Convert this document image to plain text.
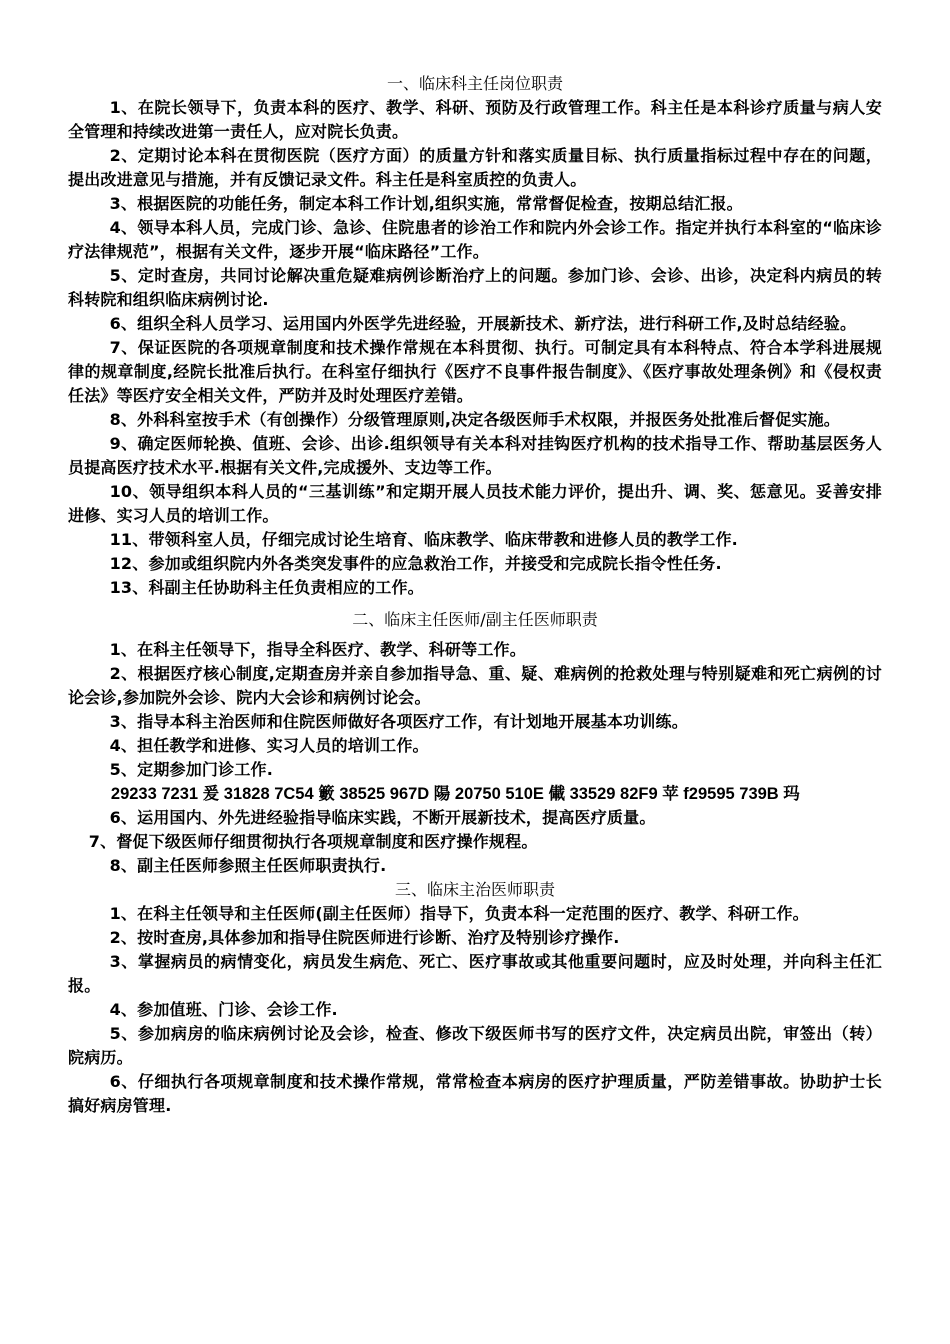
一、临床科主任岗位职责

1、在院长领导下，负责本科的医疗、教学、科研、预防及行政管理工作。科主任是本科诊疗质量与病人安全管理和持续改进第一责任人，应对院长负责。

2、定期讨论本科在贯彻医院（医疗方面）的质量方针和落实质量目标、执行质量指标过程中存在的问题，提出改进意见与措施，并有反馈记录文件。科主任是科室质控的负责人。

3、根据医院的功能任务，制定本科工作计划,组织实施，常常督促检查，按期总结汇报。

4、领导本科人员，完成门诊、急诊、住院患者的诊治工作和院内外会诊工作。指定并执行本科室的“临床诊疗法律规范”，根据有关文件，逐步开展“临床路径”工作。

5、定时查房，共同讨论解决重危疑难病例诊断治疗上的问题。参加门诊、会诊、出诊，决定科内病员的转科转院和组织临床病例讨论.

6、组织全科人员学习、运用国内外医学先进经验，开展新技术、新疗法，进行科研工作,及时总结经验。

7、保证医院的各项规章制度和技术操作常规在本科贯彻、执行。可制定具有本科特点、符合本学科进展规律的规章制度,经院长批准后执行。在科室仔细执行《医疗不良事件报告制度》、《医疗事故处理条例》和《侵权责任法》等医疗安全相关文件，严防并及时处理医疗差错。

8、外科科室按手术（有创操作）分级管理原则,决定各级医师手术权限，并报医务处批准后督促实施。

9、确定医师轮换、值班、会诊、出诊.组织领导有关本科对挂钩医疗机构的技术指导工作、帮助基层医务人员提高医疗技术水平.根据有关文件,完成援外、支边等工作。

10、领导组织本科人员的“三基训练”和定期开展人员技术能力评价，提出升、调、奖、惩意见。妥善安排进修、实习人员的培训工作。

11、带领科室人员，仔细完成讨论生培育、临床教学、临床带教和进修人员的教学工作.

12、参加或组织院内外各类突发事件的应急救治工作，并接受和完成院长指令性任务.

13、科副主任协助科主任负责相应的工作。

二、临床主任医师/副主任医师职责

1、在科主任领导下，指导全科医疗、教学、科研等工作。

2、根据医疗核心制度,定期查房并亲自参加指导急、重、疑、难病例的抢救处理与特别疑难和死亡病例的讨论会诊,参加院外会诊、院内大会诊和病例讨论会。

3、指导本科主治医师和住院医师做好各项医疗工作，有计划地开展基本功训练。

4、担任教学和进修、实习人员的培训工作。

5、定期参加门诊工作.

29233 7231 爰 31828 7C54 籔 38525 967D 陽 20750 510E 儎 33529 82F9 苹 f29595 739B 玛

6、运用国内、外先进经验指导临床实践，不断开展新技术，提高医疗质量。

7、督促下级医师仔细贯彻执行各项规章制度和医疗操作规程。

8、副主任医师参照主任医师职责执行.

三、临床主治医师职责

1、在科主任领导和主任医师(副主任医师）指导下，负责本科一定范围的医疗、教学、科研工作。

2、按时查房,具体参加和指导住院医师进行诊断、治疗及特别诊疗操作.

3、掌握病员的病情变化，病员发生病危、死亡、医疗事故或其他重要问题时，应及时处理，并向科主任汇报。

4、参加值班、门诊、会诊工作.

5、参加病房的临床病例讨论及会诊，检查、修改下级医师书写的医疗文件，决定病员出院，审签出（转）院病历。

6、仔细执行各项规章制度和技术操作常规，常常检查本病房的医疗护理质量，严防差错事故。协助护士长搞好病房管理.
